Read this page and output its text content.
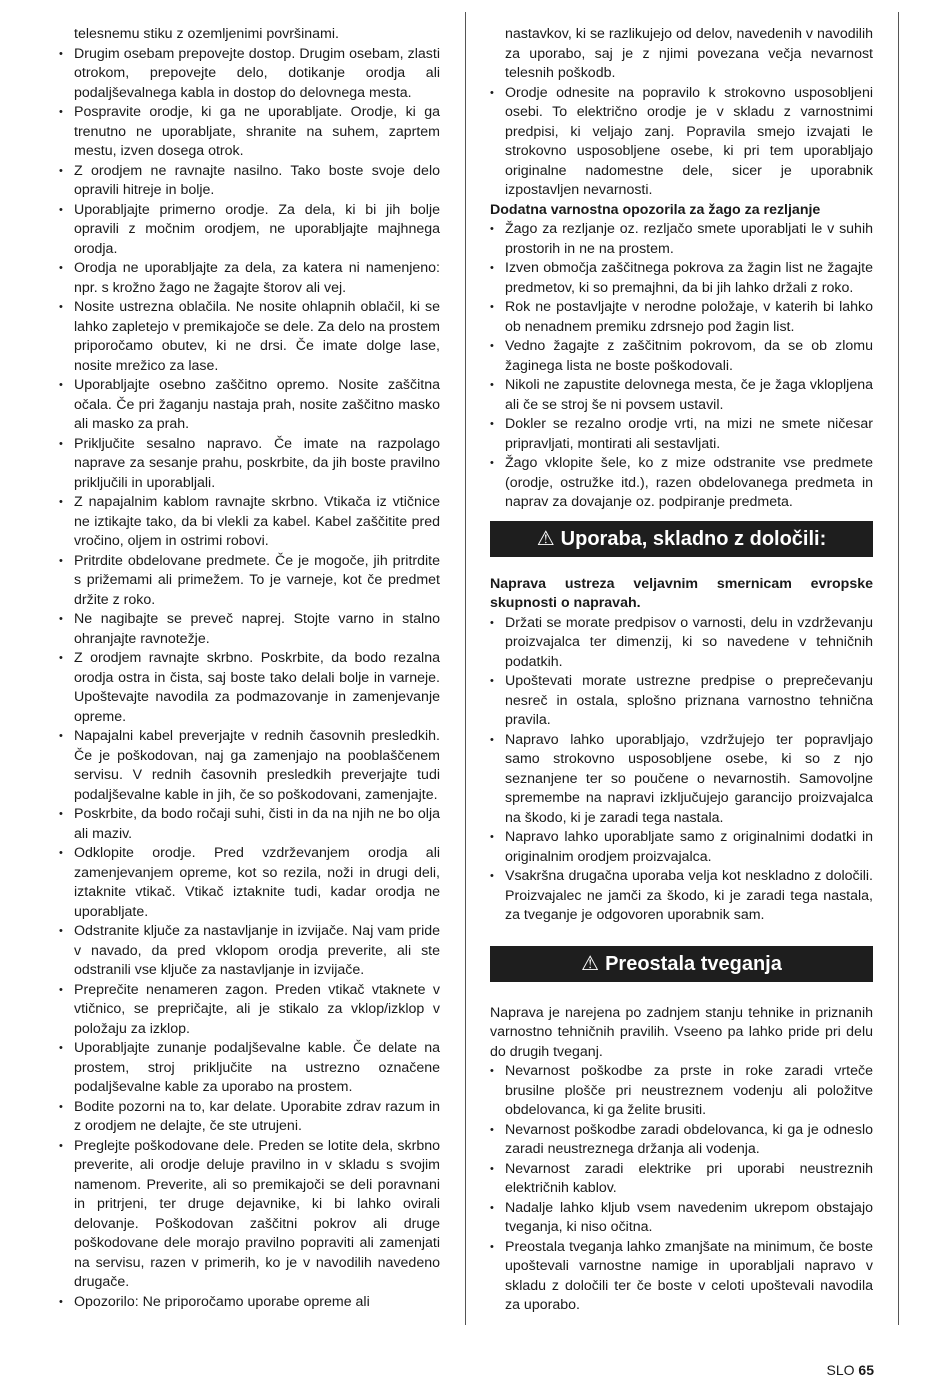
telesnemu stiku z ozemljenimi površinami.
• Drugim osebam prepovejte dostop. Drugim osebam, zlasti otrokom, prepovejte delo, dotikanje orodja ali podaljševalnega kabla in dostop do delovnega mesta.
• Pospravite orodje, ki ga ne uporabljate. Orodje, ki ga trenutno ne uporabljate, shranite na suhem, zaprtem mestu, izven dosega otrok.
• Z orodjem ne ravnajte nasilno. Tako boste svoje delo opravili hitreje in bolje.
• Uporabljajte primerno orodje. Za dela, ki bi jih bolje opravili z močnim orodjem, ne uporabljajte majhnega orodja.
• Orodja ne uporabljajte za dela, za katera ni namenjeno: npr. s krožno žago ne žagajte štorov ali vej.
• Nosite ustrezna oblačila. Ne nosite ohlapnih oblačil, ki se lahko zapletejo v premikajoče se dele. Za delo na prostem priporočamo obutev, ki ne drsi. Če imate dolge lase, nosite mrežico za lase.
• Uporabljajte osebno zaščitno opremo. Nosite zaščitna očala. Če pri žaganju nastaja prah, nosite zaščitno masko ali masko za prah.
• Priključite sesalno napravo. Če imate na razpolago naprave za sesanje prahu, poskrbite, da jih boste pravilno priključili in uporabljali.
• Z napajalnim kablom ravnajte skrbno. Vtikača iz vtičnice ne iztikajte tako, da bi vlekli za kabel. Kabel zaščitite pred vročino, oljem in ostrimi robovi.
• Pritrdite obdelovane predmete. Če je mogoče, jih pritrdite s prižemami ali primežem. To je varneje, kot če predmet držite z roko.
• Ne nagibajte se preveč naprej. Stojte varno in stalno ohranjajte ravnotežje.
• Z orodjem ravnajte skrbno. Poskrbite, da bodo rezalna orodja ostra in čista, saj boste tako delali bolje in varneje. Upoštevajte navodila za podmazovanje in zamenjevanje opreme.
• Napajalni kabel preverjajte v rednih časovnih presledkih. Če je poškodovan, naj ga zamenjajo na pooblaščenem servisu. V rednih časovnih presledkih preverjajte tudi podaljševalne kable in jih, če so poškodovani, zamenjajte.
• Poskrbite, da bodo ročaji suhi, čisti in da na njih ne bo olja ali maziv.
• Odklopite orodje. Pred vzdrževanjem orodja ali zamenjevanjem opreme, kot so rezila, noži in drugi deli, iztaknite vtikač. Vtikač iztaknite tudi, kadar orodja ne uporabljate.
• Odstranite ključe za nastavljanje in izvijače. Naj vam pride v navado, da pred vklopom orodja preverite, ali ste odstranili vse ključe za nastavljanje in izvijače.
• Preprečite nenameren zagon. Preden vtikač vtaknete v vtičnico, se prepričajte, ali je stikalo za vklop/izklop v položaju za izklop.
• Uporabljajte zunanje podaljševalne kable. Če delate na prostem, stroj priključite na ustrezno označene podaljševalne kable za uporabo na prostem.
• Bodite pozorni na to, kar delate. Uporabite zdrav razum in z orodjem ne delajte, če ste utrujeni.
• Preglejte poškodovane dele. Preden se lotite dela, skrbno preverite, ali orodje deluje pravilno in v skladu s svojim namenom. Preverite, ali so premikajoči se deli poravnani in pritrjeni, ter druge dejavnike, ki bi lahko ovirali delovanje. Poškodovan zaščitni pokrov ali druge poškodovane dele morajo pravilno popraviti ali zamenjati na servisu, razen v primerih, ko je v navodilih navedeno drugače.
• Opozorilo: Ne priporočamo uporabe opreme ali
nastavkov, ki se razlikujejo od delov, navedenih v navodilih za uporabo, saj je z njimi povezana večja nevarnost telesnih poškodb.
• Orodje odnesite na popravilo k strokovno usposobljeni osebi. To električno orodje je v skladu z varnostnimi predpisi, ki veljajo zanj. Popravila smejo izvajati le strokovno usposobljene osebe, ki pri tem uporabljajo originalne nadomestne dele, sicer je uporabnik izpostavljen nevarnosti.

Dodatna varnostna opozorila za žago za rezljanje

• Žago za rezljanje oz. rezljačo smete uporabljati le v suhih prostorih in ne na prostem.
• Izven območja zaščitnega pokrova za žagin list ne žagajte predmetov, ki so premajhni, da bi jih lahko držali z roko.
• Rok ne postavljajte v nerodne položaje, v katerih bi lahko ob nenadnem premiku zdrsnejo pod žagin list.
• Vedno žagajte z zaščitnim pokrovom, da se ob zlomu žaginega lista ne boste poškodovali.
• Nikoli ne zapustite delovnega mesta, če je žaga vklopljena ali če se stroj še ni povsem ustavil.
• Dokler se rezalno orodje vrti, na mizi ne smete ničesar pripravljati, montirati ali sestavljati.
• Žago vklopite šele, ko z mize odstranite vse predmete (orodje, ostružke itd.), razen obdelovanega predmeta in naprav za dovajanje oz. podpiranje predmeta.
⚠ Uporaba, skladno z določili:

Naprava ustreza veljavnim smernicam evropske skupnosti o napravah.

• Držati se morate predpisov o varnosti, delu in vzdrževanju proizvajalca ter dimenzij, ki so navedene v tehničnih podatkih.
• Upoštevati morate ustrezne predpise o preprečevanju nesreč in ostala, splošno priznana varnostno tehnična pravila.
• Napravo lahko uporabljajo, vzdržujejo ter popravljajo samo strokovno usposobljene osebe, ki so z njo seznanjene ter so poučene o nevarnostih. Samovoljne spremembe na napravi izključujejo garancijo proizvajalca na škodo, ki je zaradi tega nastala.
• Napravo lahko uporabljate samo z originalnimi dodatki in originalnim orodjem proizvajalca.
• Vsakršna drugačna uporaba velja kot neskladno z določili. Proizvajalec ne jamči za škodo, ki je zaradi tega nastala, za tveganje je odgovoren uporabnik sam.
⚠ Preostala tveganja

Naprava je narejena po zadnjem stanju tehnike in priznanih varnostno tehničnih pravilih. Vseeno pa lahko pride pri delu do drugih tveganj.

• Nevarnost poškodbe za prste in roke zaradi vrteče brusilne plošče pri neustreznem vodenju ali položitve obdelovanca, ki ga želite brusiti.
• Nevarnost poškodbe zaradi obdelovanca, ki ga je odneslo zaradi neustreznega držanja ali vodenja.
• Nevarnost zaradi elektrike pri uporabi neustreznih električnih kablov.
• Nadalje lahko kljub vsem navedenim ukrepom obstajajo tveganja, ki niso očitna.
• Preostala tveganja lahko zmanjšate na minimum, če boste upoštevali varnostne namige in uporabljali napravo v skladu z določili ter če boste v celoti upoštevali navodila za uporabo.
SLO 65
